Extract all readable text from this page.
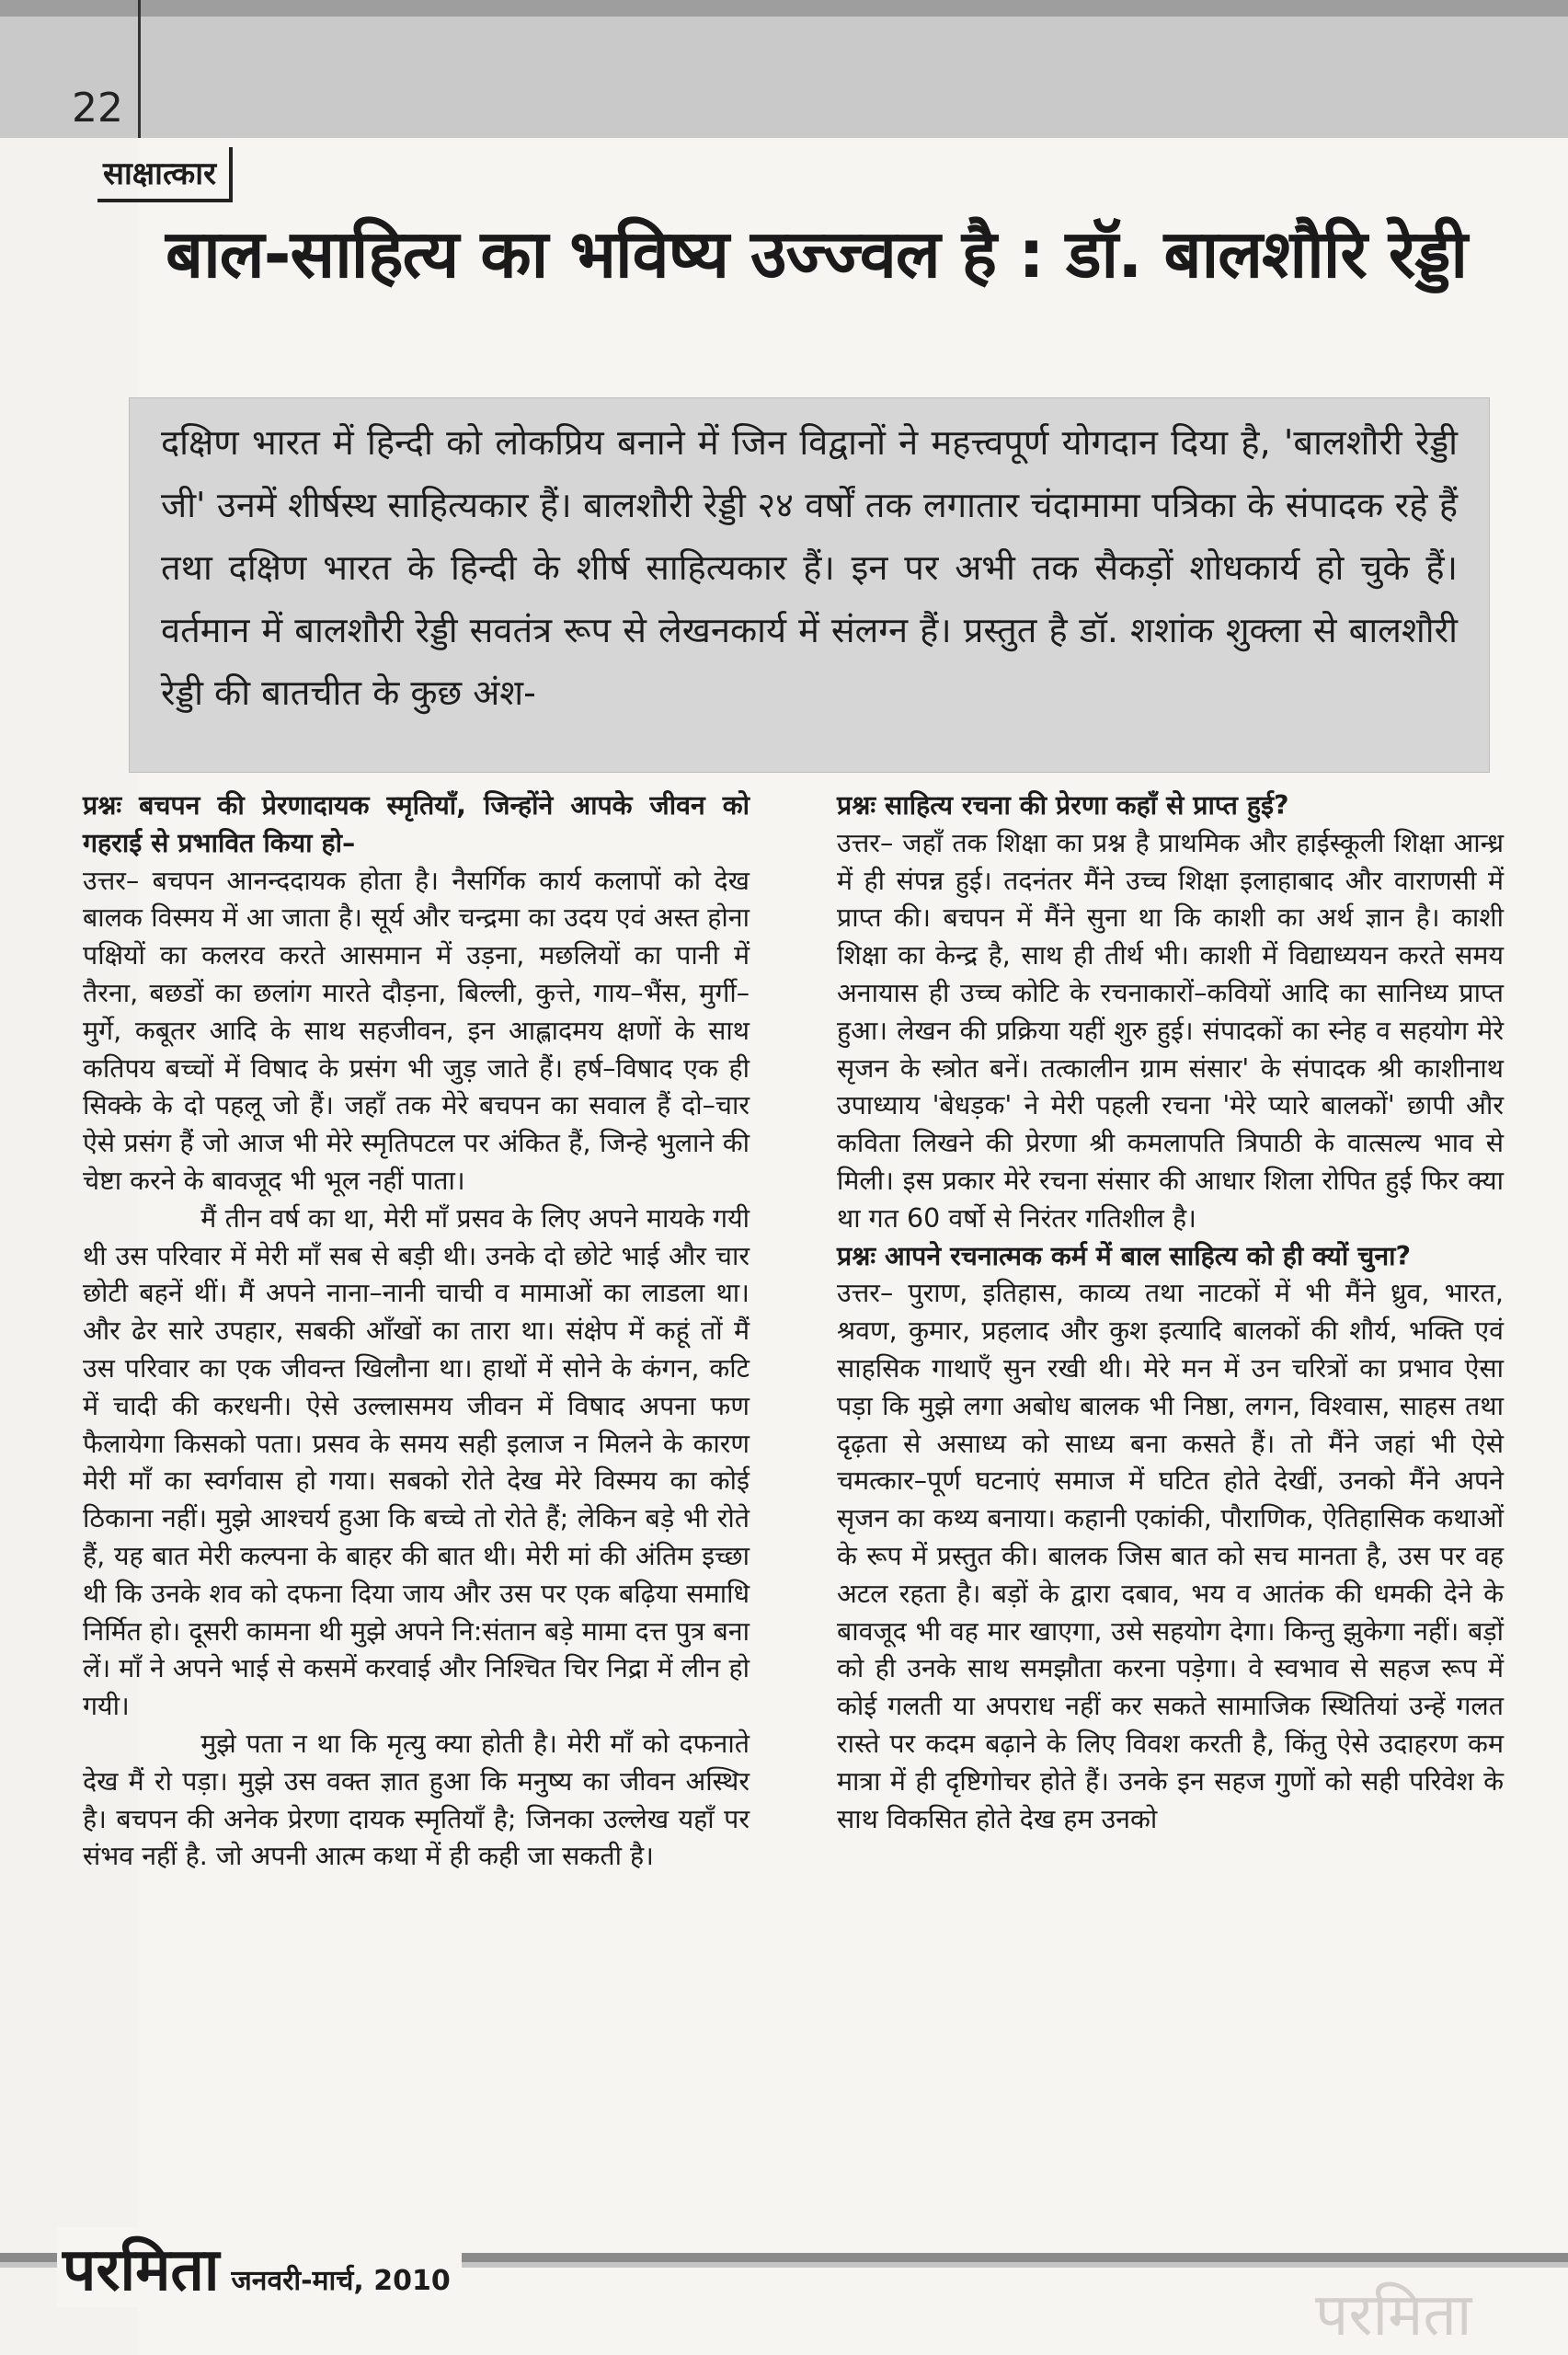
22
साक्षात्कार
बाल-साहित्य का भविष्य उज्ज्वल है : डॉ. बालशौरि रेड्डी
दक्षिण भारत में हिन्दी को लोकप्रिय बनाने में जिन विद्वानों ने महत्त्वपूर्ण योगदान दिया है, 'बालशौरी रेड्डी जी' उनमें शीर्षस्थ साहित्यकार हैं। बालशौरी रेड्डी २४ वर्षों तक लगातार चंदामामा पत्रिका के संपादक रहे हैं तथा दक्षिण भारत के हिन्दी के शीर्ष साहित्यकार हैं। इन पर अभी तक सैकड़ों शोधकार्य हो चुके हैं। वर्तमान में बालशौरी रेड्डी सवतंत्र रूप से लेखनकार्य में संलग्न हैं। प्रस्तुत है डॉ. शशांक शुक्ला से बालशौरी रेड्डी की बातचीत के कुछ अंश-

प्रश्नः बचपन की प्रेरणादायक स्मृतियाँ, जिन्होंने आपके जीवन को गहराई से प्रभावित किया हो–

उत्तर– बचपन आनन्ददायक होता है। नैसर्गिक कार्य कलापों को देख बालक विस्मय में आ जाता है। सूर्य और चन्द्रमा का उदय एवं अस्त होना पक्षियों का कलरव करते आसमान में उड़ना, मछलियों का पानी में तैरना, बछडों का छलांग मारते दौड़ना, बिल्ली, कुत्ते, गाय–भैंस, मुर्गी–मुर्गे, कबूतर आदि के साथ सहजीवन, इन आह्लादमय क्षणों के साथ कतिपय बच्चों में विषाद के प्रसंग भी जुड़ जाते हैं। हर्ष–विषाद एक ही सिक्के के दो पहलू जो हैं। जहाँ तक मेरे बचपन का सवाल हैं दो–चार ऐसे प्रसंग हैं जो आज भी मेरे स्मृतिपटल पर अंकित हैं, जिन्हे भुलाने की चेष्टा करने के बावजूद भी भूल नहीं पाता।

मैं तीन वर्ष का था, मेरी माँ प्रसव के लिए अपने मायके गयी थी उस परिवार में मेरी माँ सब से बड़ी थी। उनके दो छोटे भाई और चार छोटी बहनें थीं। मैं अपने नाना–नानी चाची व मामाओं का लाडला था। और ढेर सारे उपहार, सबकी आँखों का तारा था। संक्षेप में कहूं तों मैं उस परिवार का एक जीवन्त खिलौना था। हाथों में सोने के कंगन, कटि में चादी की करधनी। ऐसे उल्लासमय जीवन में विषाद अपना फण फैलायेगा किसको पता। प्रसव के समय सही इलाज न मिलने के कारण मेरी माँ का स्वर्गवास हो गया। सबको रोते देख मेरे विस्मय का कोई ठिकाना नहीं। मुझे आश्चर्य हुआ कि बच्चे तो रोते हैं; लेकिन बड़े भी रोते हैं, यह बात मेरी कल्पना के बाहर की बात थी। मेरी मां की अंतिम इच्छा थी कि उनके शव को दफना दिया जाय और उस पर एक बढ़िया समाधि निर्मित हो। दूसरी कामना थी मुझे अपने नि:संतान बड़े मामा दत्त पुत्र बना लें। माँ ने अपने भाई से कसमें करवाई और निश्चित चिर निद्रा में लीन हो गयी।

मुझे पता न था कि मृत्यु क्या होती है। मेरी माँ को दफनाते देख मैं रो पड़ा। मुझे उस वक्त ज्ञात हुआ कि मनुष्य का जीवन अस्थिर है। बचपन की अनेक प्रेरणा दायक स्मृतियाँ है; जिनका उल्लेख यहाँ पर संभव नहीं है. जो अपनी आत्म कथा में ही कही जा सकती है।

प्रश्नः साहित्य रचना की प्रेरणा कहाँ से प्राप्त हुई?

उत्तर– जहाँ तक शिक्षा का प्रश्न है प्राथमिक और हाईस्कूली शिक्षा आन्ध्र में ही संपन्न हुई। तदनंतर मैंने उच्च शिक्षा इलाहाबाद और वाराणसी में प्राप्त की। बचपन में मैंने सुना था कि काशी का अर्थ ज्ञान है। काशी शिक्षा का केन्द्र है, साथ ही तीर्थ भी। काशी में विद्याध्ययन करते समय अनायास ही उच्च कोटि के रचनाकारों–कवियों आदि का सानिध्य प्राप्त हुआ। लेखन की प्रक्रिया यहीं शुरु हुई। संपादकों का स्नेह व सहयोग मेरे सृजन के स्त्रोत बनें। तत्कालीन ग्राम संसार' के संपादक श्री काशीनाथ उपाध्याय 'बेधड़क' ने मेरी पहली रचना 'मेरे प्यारे बालकों' छापी और कविता लिखने की प्रेरणा श्री कमलापति त्रिपाठी के वात्सल्य भाव से मिली। इस प्रकार मेरे रचना संसार की आधार शिला रोपित हुई फिर क्या था गत 60 वर्षो से निरंतर गतिशील है।

प्रश्नः आपने रचनात्मक कर्म में बाल साहित्य को ही क्यों चुना?

उत्तर– पुराण, इतिहास, काव्य तथा नाटकों में भी मैंने ध्रुव, भारत, श्रवण, कुमार, प्रहलाद और कुश इत्यादि बालकों की शौर्य, भक्ति एवं साहसिक गाथाएँ सुन रखी थी। मेरे मन में उन चरित्रों का प्रभाव ऐसा पड़ा कि मुझे लगा अबोध बालक भी निष्ठा, लगन, विश्वास, साहस तथा दृढ़ता से असाध्य को साध्य बना कसते हैं। तो मैंने जहां भी ऐसे चमत्कार–पूर्ण घटनाएं समाज में घटित होते देखीं, उनको मैंने अपने सृजन का कथ्य बनाया। कहानी एकांकी, पौराणिक, ऐतिहासिक कथाओं के रूप में प्रस्तुत की। बालक जिस बात को सच मानता है, उस पर वह अटल रहता है। बड़ों के द्वारा दबाव, भय व आतंक की धमकी देने के बावजूद भी वह मार खाएगा, उसे सहयोग देगा। किन्तु झुकेगा नहीं। बड़ों को ही उनके साथ समझौता करना पड़ेगा। वे स्वभाव से सहज रूप में कोई गलती या अपराध नहीं कर सकते सामाजिक स्थितियां उन्हें गलत रास्ते पर कदम बढ़ाने के लिए विवश करती है, किंतु ऐसे उदाहरण कम मात्रा में ही दृष्टिगोचर होते हैं। उनके इन सहज गुणों को सही परिवेश के साथ विकसित होते देख हम उनको

परमिता जनवरी-मार्च, 2010
परमिता
